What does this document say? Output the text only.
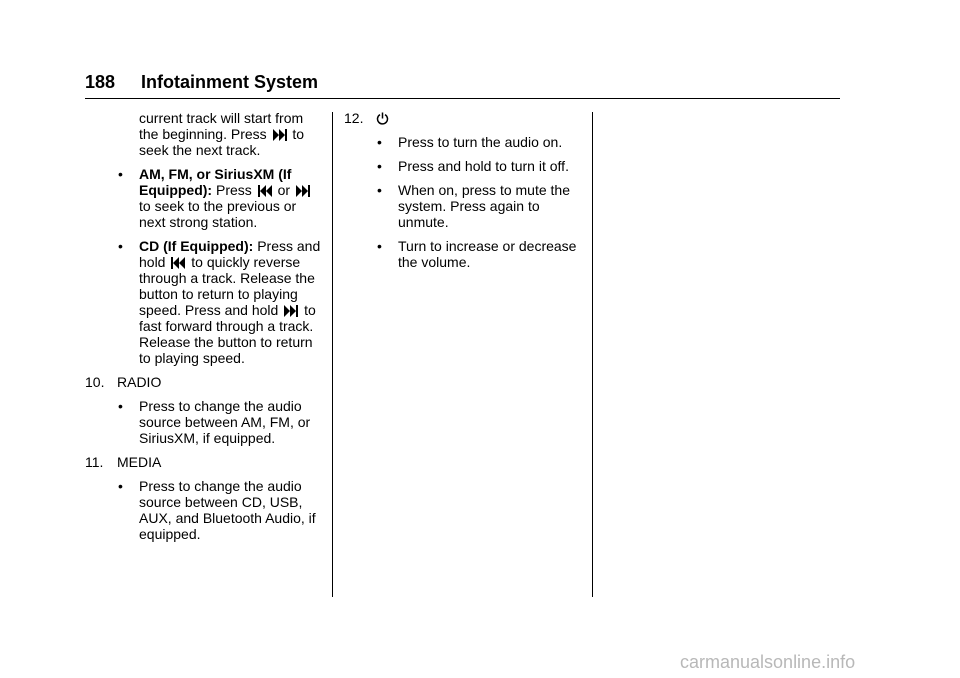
188 Infotainment System

current track will start from the beginning. Press to seek the next track.

• AM, FM, or SiriusXM (If Equipped): Press or  to seek to the previous or next strong station.
• CD (If Equipped): Press and hold to quickly reverse through a track. Release the button to return to playing speed. Press and hold to fast forward through a track. Release the button to return to playing speed.
10. RADIO
• Press to change the audio source between AM, FM, or SiriusXM, if equipped.
11. MEDIA
• Press to change the audio source between CD, USB, AUX, and Bluetooth Audio, if equipped.
12.
• Press to turn the audio on.
• Press and hold to turn it off.
• When on, press to mute the system. Press again to unmute.
• Turn to increase or decrease the volume.
carmanualsonline.info
